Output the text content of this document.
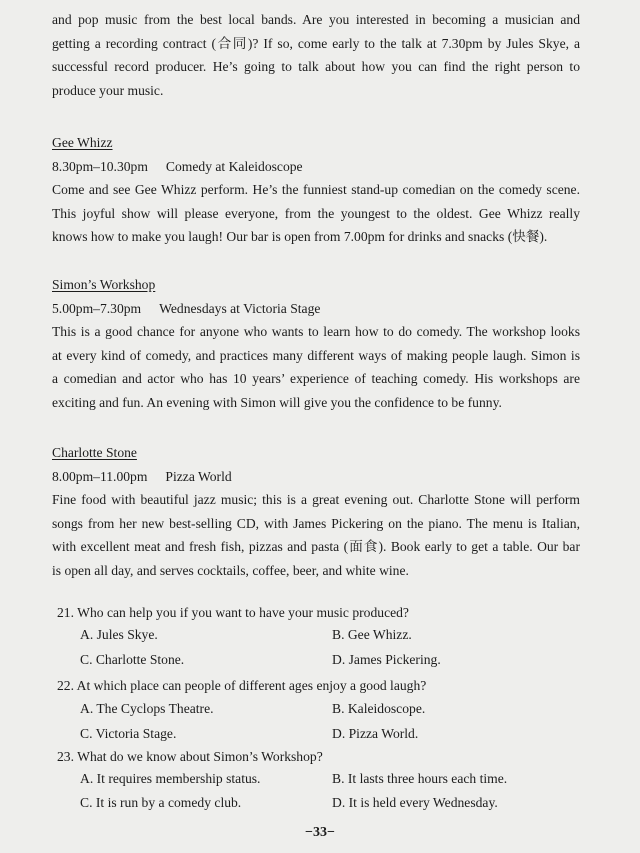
and pop music from the best local bands. Are you interested in becoming a musician and
getting a recording contract (合同)? If so, come early to the talk at 7.30pm by Jules Skye, a
successful record producer. He’s going to talk about how you can find the right person to
produce your music.
Gee Whizz
8.30pm–10.30pm Comedy at Kaleidoscope
Come and see Gee Whizz perform. He’s the funniest stand-up comedian on the comedy scene.
This joyful show will please everyone, from the youngest to the oldest. Gee Whizz really
knows how to make you laugh! Our bar is open from 7.00pm for drinks and snacks (快餐).
Simon’s Workshop
5.00pm–7.30pm Wednesdays at Victoria Stage
This is a good chance for anyone who wants to learn how to do comedy. The workshop looks
at every kind of comedy, and practices many different ways of making people laugh. Simon is
a comedian and actor who has 10 years’ experience of teaching comedy. His workshops are
exciting and fun. An evening with Simon will give you the confidence to be funny.
Charlotte Stone
8.00pm–11.00pm Pizza World
Fine food with beautiful jazz music; this is a great evening out. Charlotte Stone will perform
songs from her new best-selling CD, with James Pickering on the piano. The menu is Italian,
with excellent meat and fresh fish, pizzas and pasta (面食). Book early to get a table. Our bar
is open all day, and serves cocktails, coffee, beer, and white wine.
21. Who can help you if you want to have your music produced?
A. Jules Skye.	B. Gee Whizz.
C. Charlotte Stone.	D. James Pickering.
22. At which place can people of different ages enjoy a good laugh?
A. The Cyclops Theatre.	B. Kaleidoscope.
C. Victoria Stage.	D. Pizza World.
23. What do we know about Simon’s Workshop?
A. It requires membership status.	B. It lasts three hours each time.
C. It is run by a comedy club.	D. It is held every Wednesday.
−33−
